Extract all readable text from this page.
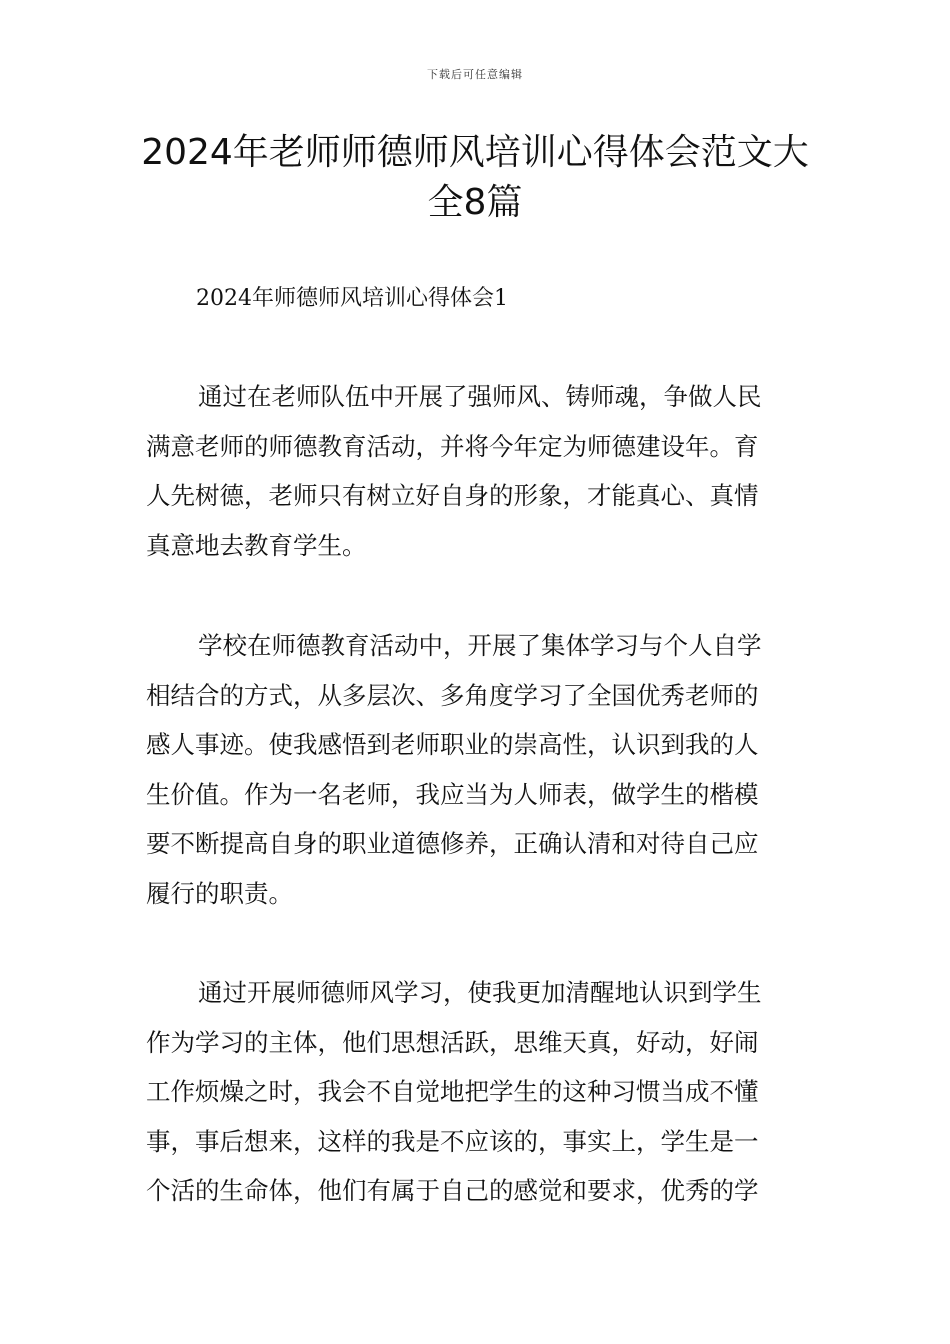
下载后可任意编辑
2024年老师师德师风培训心得体会范文大
全8篇
2024年师德师风培训心得体会1
通过在老师队伍中开展了强师风、铸师魂，争做人民
满意老师的师德教育活动，并将今年定为师德建设年。育
人先树德，老师只有树立好自身的形象，才能真心、真情
真意地去教育学生。
学校在师德教育活动中，开展了集体学习与个人自学
相结合的方式，从多层次、多角度学习了全国优秀老师的
感人事迹。使我感悟到老师职业的崇高性，认识到我的人
生价值。作为一名老师，我应当为人师表，做学生的楷模
要不断提高自身的职业道德修养，正确认清和对待自己应
履行的职责。
通过开展师德师风学习，使我更加清醒地认识到学生
作为学习的主体，他们思想活跃，思维天真，好动，好闹
工作烦燥之时，我会不自觉地把学生的这种习惯当成不懂
事，事后想来，这样的我是不应该的，事实上，学生是一
个活的生命体，他们有属于自己的感觉和要求，优秀的学
